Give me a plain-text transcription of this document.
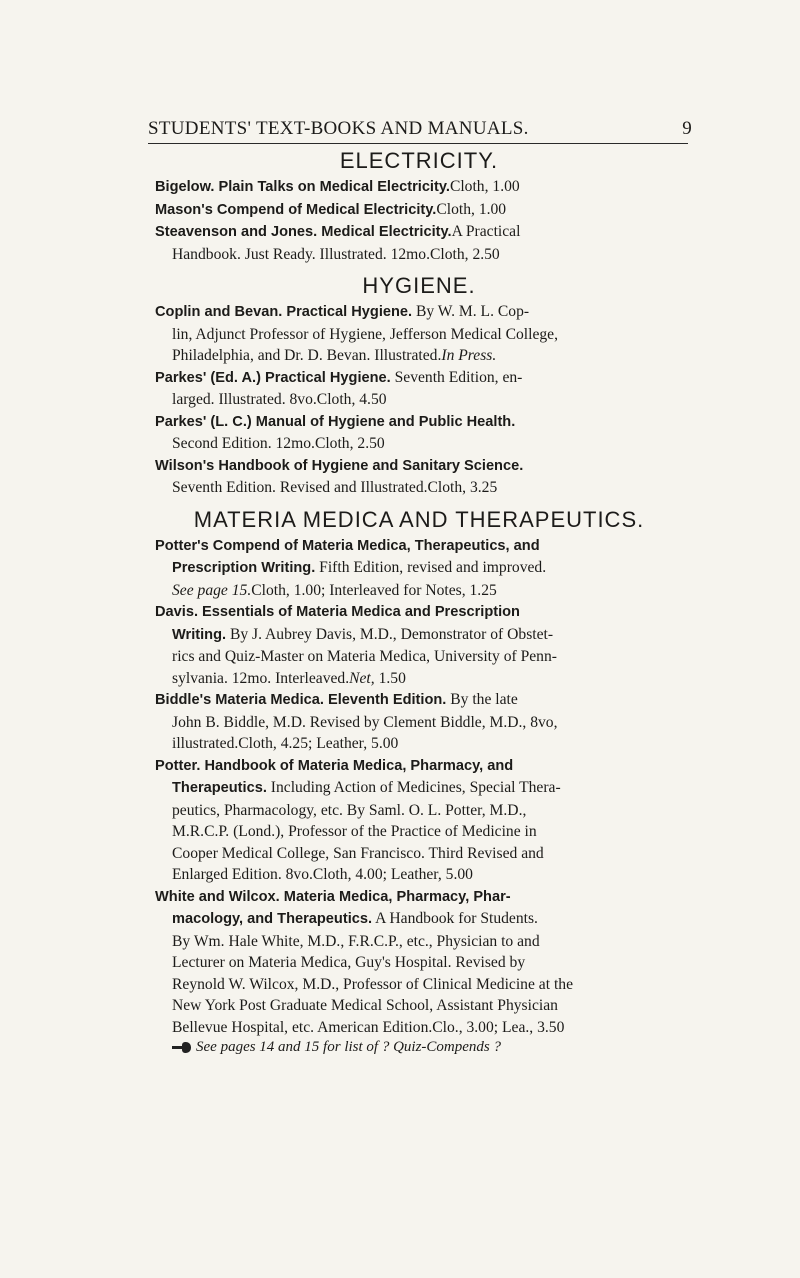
STUDENTS' TEXT-BOOKS AND MANUALS.	9
ELECTRICITY.
Bigelow. Plain Talks on Medical Electricity.Cloth, 1.00
Mason's Compend of Medical Electricity.Cloth, 1.00
Steavenson and Jones. Medical Electricity.A Practical
Handbook. Just Ready. Illustrated. 12mo.Cloth, 2.50
HYGIENE.
Coplin and Bevan. Practical Hygiene. By W. M. L. Cop-
lin, Adjunct Professor of Hygiene, Jefferson Medical College,
Philadelphia, and Dr. D. Bevan. Illustrated.In Press.
Parkes' (Ed. A.) Practical Hygiene. Seventh Edition, en-
larged. Illustrated. 8vo.Cloth, 4.50
Parkes' (L. C.) Manual of Hygiene and Public Health.
Second Edition. 12mo.Cloth, 2.50
Wilson's Handbook of Hygiene and Sanitary Science.
Seventh Edition. Revised and Illustrated.Cloth, 3.25
MATERIA MEDICA AND THERAPEUTICS.
Potter's Compend of Materia Medica, Therapeutics, and
Prescription Writing. Fifth Edition, revised and improved.
See page 15.Cloth, 1.00; Interleaved for Notes, 1.25
Davis. Essentials of Materia Medica and Prescription
Writing. By J. Aubrey Davis, M.D., Demonstrator of Obstet-
rics and Quiz-Master on Materia Medica, University of Penn-
sylvania. 12mo. Interleaved.Net, 1.50
Biddle's Materia Medica. Eleventh Edition. By the late
John B. Biddle, M.D. Revised by Clement Biddle, M.D., 8vo,
illustrated.Cloth, 4.25; Leather, 5.00
Potter. Handbook of Materia Medica, Pharmacy, and
Therapeutics. Including Action of Medicines, Special Thera-
peutics, Pharmacology, etc. By Saml. O. L. Potter, M.D.,
M.R.C.P. (Lond.), Professor of the Practice of Medicine in
Cooper Medical College, San Francisco. Third Revised and
Enlarged Edition. 8vo.Cloth, 4.00; Leather, 5.00
White and Wilcox. Materia Medica, Pharmacy, Phar-
macology, and Therapeutics. A Handbook for Students.
By Wm. Hale White, M.D., F.R.C.P., etc., Physician to and
Lecturer on Materia Medica, Guy's Hospital. Revised by
Reynold W. Wilcox, M.D., Professor of Clinical Medicine at the
New York Post Graduate Medical School, Assistant Physician
Bellevue Hospital, etc. American Edition.Clo., 3.00; Lea., 3.50
See pages 14 and 15 for list of ? Quiz-Compends ?
